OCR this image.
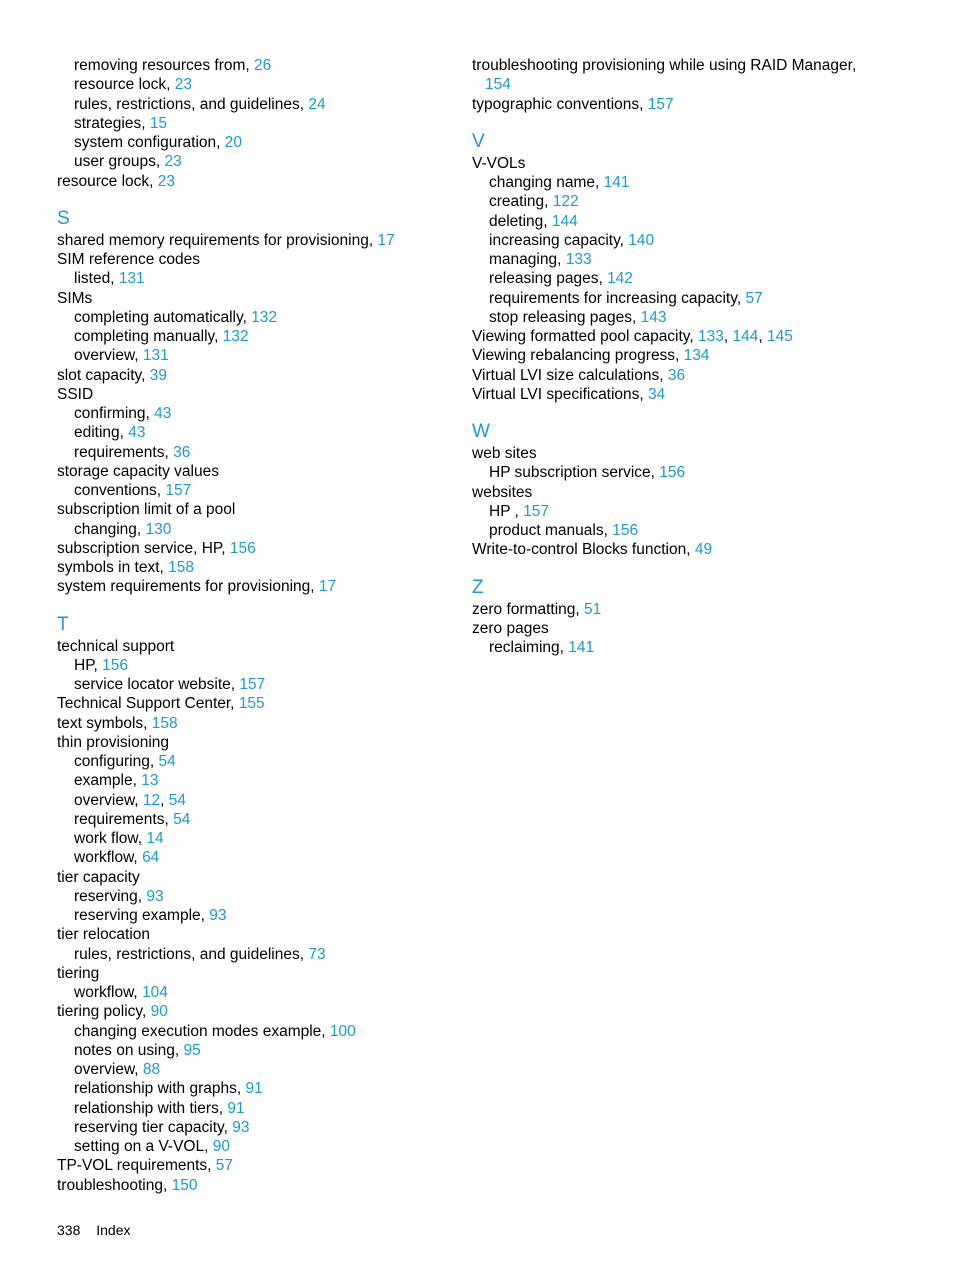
removing resources from, 26
resource lock, 23
rules, restrictions, and guidelines, 24
strategies, 15
system configuration, 20
user groups, 23
resource lock, 23
S
shared memory requirements for provisioning, 17
SIM reference codes
listed, 131
SIMs
completing automatically, 132
completing manually, 132
overview, 131
slot capacity, 39
SSID
confirming, 43
editing, 43
requirements, 36
storage capacity values
conventions, 157
subscription limit of a pool
changing, 130
subscription service, HP, 156
symbols in text, 158
system requirements for provisioning, 17
T
technical support
HP, 156
service locator website, 157
Technical Support Center, 155
text symbols, 158
thin provisioning
configuring, 54
example, 13
overview, 12, 54
requirements, 54
work flow, 14
workflow, 64
tier capacity
reserving, 93
reserving example, 93
tier relocation
rules, restrictions, and guidelines, 73
tiering
workflow, 104
tiering policy, 90
changing execution modes example, 100
notes on using, 95
overview, 88
relationship with graphs, 91
relationship with tiers, 91
reserving tier capacity, 93
setting on a V-VOL, 90
TP-VOL requirements, 57
troubleshooting, 150
troubleshooting provisioning while using RAID Manager,
154
typographic conventions, 157
V
V-VOLs
changing name, 141
creating, 122
deleting, 144
increasing capacity, 140
managing, 133
releasing pages, 142
requirements for increasing capacity, 57
stop releasing pages, 143
Viewing formatted pool capacity, 133, 144, 145
Viewing rebalancing progress, 134
Virtual LVI size calculations, 36
Virtual LVI specifications, 34
W
web sites
HP subscription service, 156
websites
HP , 157
product manuals, 156
Write-to-control Blocks function, 49
Z
zero formatting, 51
zero pages
reclaiming, 141
338 Index
